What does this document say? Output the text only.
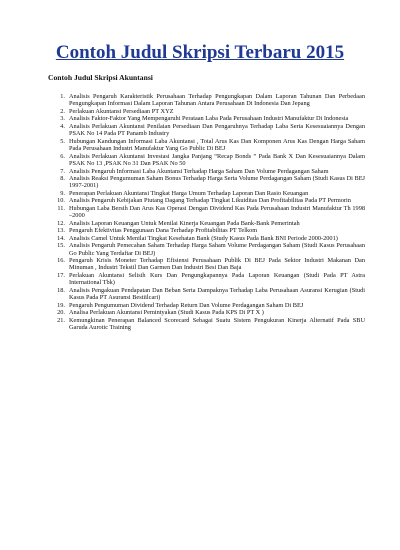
Contoh Judul Skripsi Terbaru 2015
Contoh Judul Skripsi Akuntansi
1. Analisis Pengaruh Karakteristik Perusahaan Terhadap Pengungkapan Dalam Laporan Tahunan Dan Perbedaan Pengungkapan Informasi Dalam Laporan Tahunan Antara Perusahaan Di Indonesia Dan Jepang
2. Perlakuan Akuntansi Persediaan PT XYZ
3. Analisis Faktor-Faktor Yang Mempengaruhi Perataan Laba Pada Perusahaan Industri Manufaktur Di Indonesia
4. Analisis Perlakuan Akuntansi Penilaian Persediaan Dan Pengaruhnya Terhadap Laba Serta Kesesuaiannya Dengan PSAK No 14 Pada PT Panamb Industry
5. Hubungan Kandungan Informasi Laba Akuntansi , Total Arus Kas Dan Komponen Arus Kas Dengan Harga Saham Pada Perusahaan Industri Manufaktur Yang Go Public Di BEJ
6. Analisis Perlakuan Akuntansi Investasi Jangka Panjang “Recap Bonds ” Pada Bank X Dan Kesesuaiannya Dalam PSAK No 13 ,PSAK No 31 Dan PSAK No 50
7. Analisis Pengaruh Informasi Laba Akuntansi Terhadap Harga Saham Dan Volume Perdagangan Saham
8. Analisis Reaksi Pengumuman Saham Bonus Terhadap Harga Serta Volume Perdagangan Saham (Studi Kasus Di BEJ 1997-2001)
9. Penerapan Perlakuan Akuntansi Tingkat Harga Umum Terhadap Laporan Dan Rasio Keuangan
10. Analisis Pengaruh Kebijakan Piutang Dagang Terhadap Tingkat Likuiditas Dan Profitabilitas Pada PT Permorin
11. Hubungan Laba Bersih Dan Arus Kas Operasi Dengan Dividend Kas Pada Perusahaan Industri Manufaktur Th 1998 –2000
12. Analisis Laporan Keuangan Untuk Menilai Kinerja Keuangan Pada Bank-Bank Pemerintah
13. Pengaruh Efektivitas Penggunaan Dana Terhadap Profitabilitas PT Telkom
14. Analisis Camel Untuk Menilai Tingkat Kesehatan Bank (Study Kasus Pada Bank BNI Periode 2000-2001)
15. Analisis Pengaruh Pemecahan Saham Terhadap Harga Saham Volume Perdagangan Saham (Studi Kasus Perusahaan Go Public Yang Terdaftar Di BEJ)
16. Pengaruh Krisis Moneter Terhadap Efisiensi Perusahaan Publik Di BEJ Pada Sektor Industri Makanan Dan Minuman , Industri Tekstil Dan Garmen Dan Industri Besi Dan Baja
17. Perlakuan Akuntansi Selisih Kurs Dan Pengungkapannya Pada Laporan Keuangan (Studi Pada PT Astra International Tbk)
18. Analisis Pengakuan Pendapatan Dan Beban Serta Dampaknya Terhadap Laba Perusahaan Asuransi Kerugian (Studi Kasus Pada PT Asuransi Bestiilcari)
19. Pengaruh Pengumuman Dividend Terhadap Return Dan Volume Perdagangan Saham Di BEJ
20. Analisa Perlakuan Akuntansi Pemintyakan (Studi Kasus Pada KPS Di PT X )
21. Kemungkinan Penerapan Balanced Scorecard Sebagai Suatu Sistem Pengukuran Kinerja Alternatif Pada SBU Garuda Aurotic Training
